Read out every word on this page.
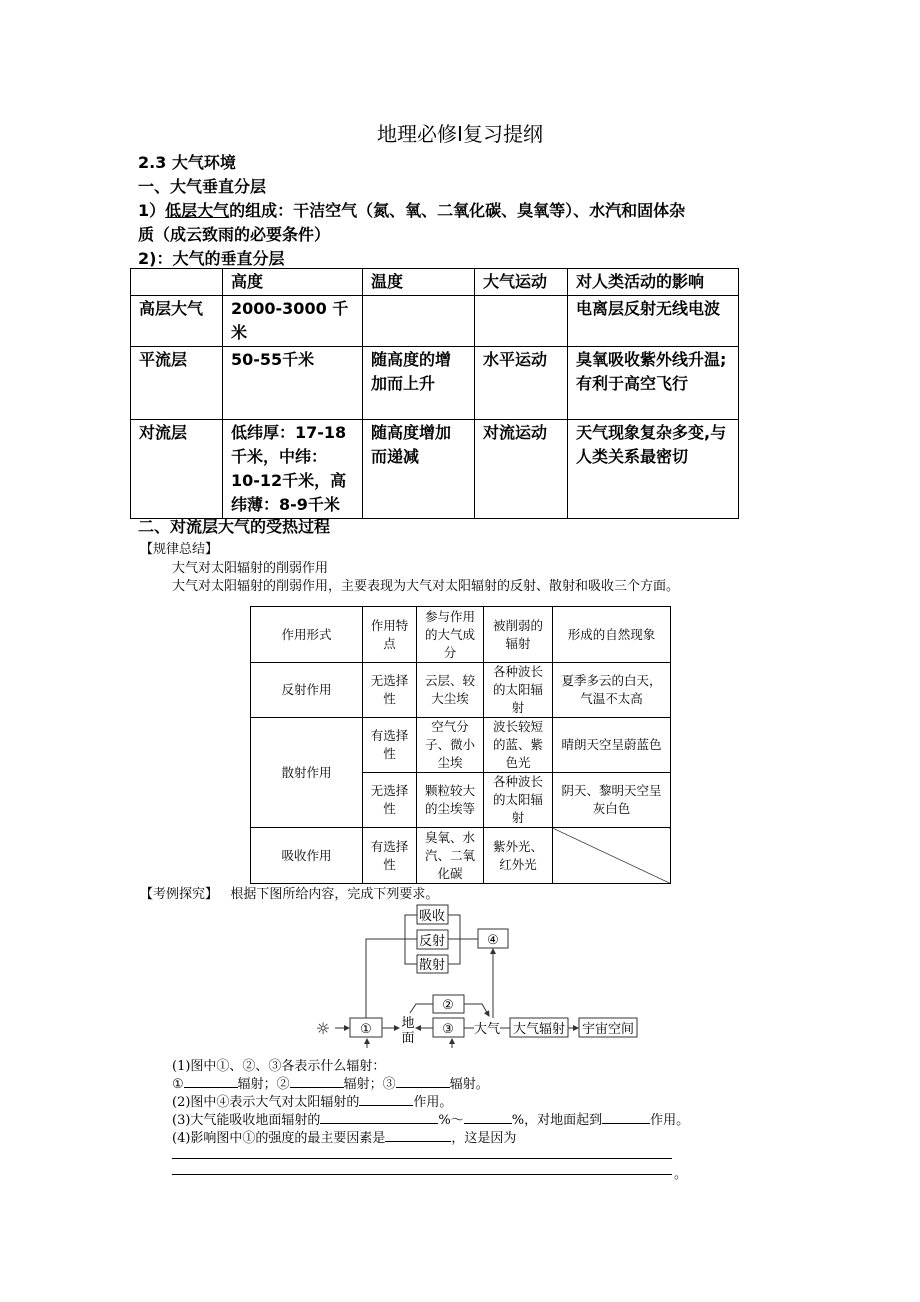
地理必修Ⅰ复习提纲
2.3 大气环境
一、大气垂直分层
1）低层大气的组成：干洁空气（氮、氧、二氧化碳、臭氧等）、水汽和固体杂
质（成云致雨的必要条件）
2)：大气的垂直分层
	高度	温度	大气运动	对人类活动的影响
高层大气	2000-3000 千米			电离层反射无线电波
平流层	50-55千米	随高度的增加而上升	水平运动	臭氧吸收紫外线升温;有利于高空飞行
对流层	低纬厚：17-18千米，中纬：10-12千米，高纬薄：8-9千米	随高度增加而递减	对流运动	天气现象复杂多变,与人类关系最密切
二、对流层大气的受热过程
【规律总结】
大气对太阳辐射的削弱作用
大气对太阳辐射的削弱作用，主要表现为大气对太阳辐射的反射、散射和吸收三个方面。
作用形式	作用特点	参与作用的大气成分	被削弱的辐射	形成的自然现象
反射作用	无选择性	云层、较大尘埃	各种波长的太阳辐射	夏季多云的白天，气温不太高
散射作用	有选择性	空气分子、微小尘埃	波长较短的蓝、紫色光	晴朗天空呈蔚蓝色
	无选择性	颗粒较大的尘埃等	各种波长的太阳辐射	阴天、黎明天空呈灰白色
吸收作用	有选择性	臭氧、水汽、二氧化碳	紫外光、红外光	
【考例探究】 根据下图所给内容，完成下列要求。
吸收
反射
散射
④
②
①	③
地
面
大气 大气辐射 宇宙空间
☼
(1)图中①、②、③各表示什么辐射：
①	辐射；②	辐射；③	辐射。
(2)图中④表示大气对太阳辐射的	作用。
(3)大气能吸收地面辐射的	%～	%，对地面起到	作用。
(4)影响图中①的强度的最主要因素是	，这是因为
。
